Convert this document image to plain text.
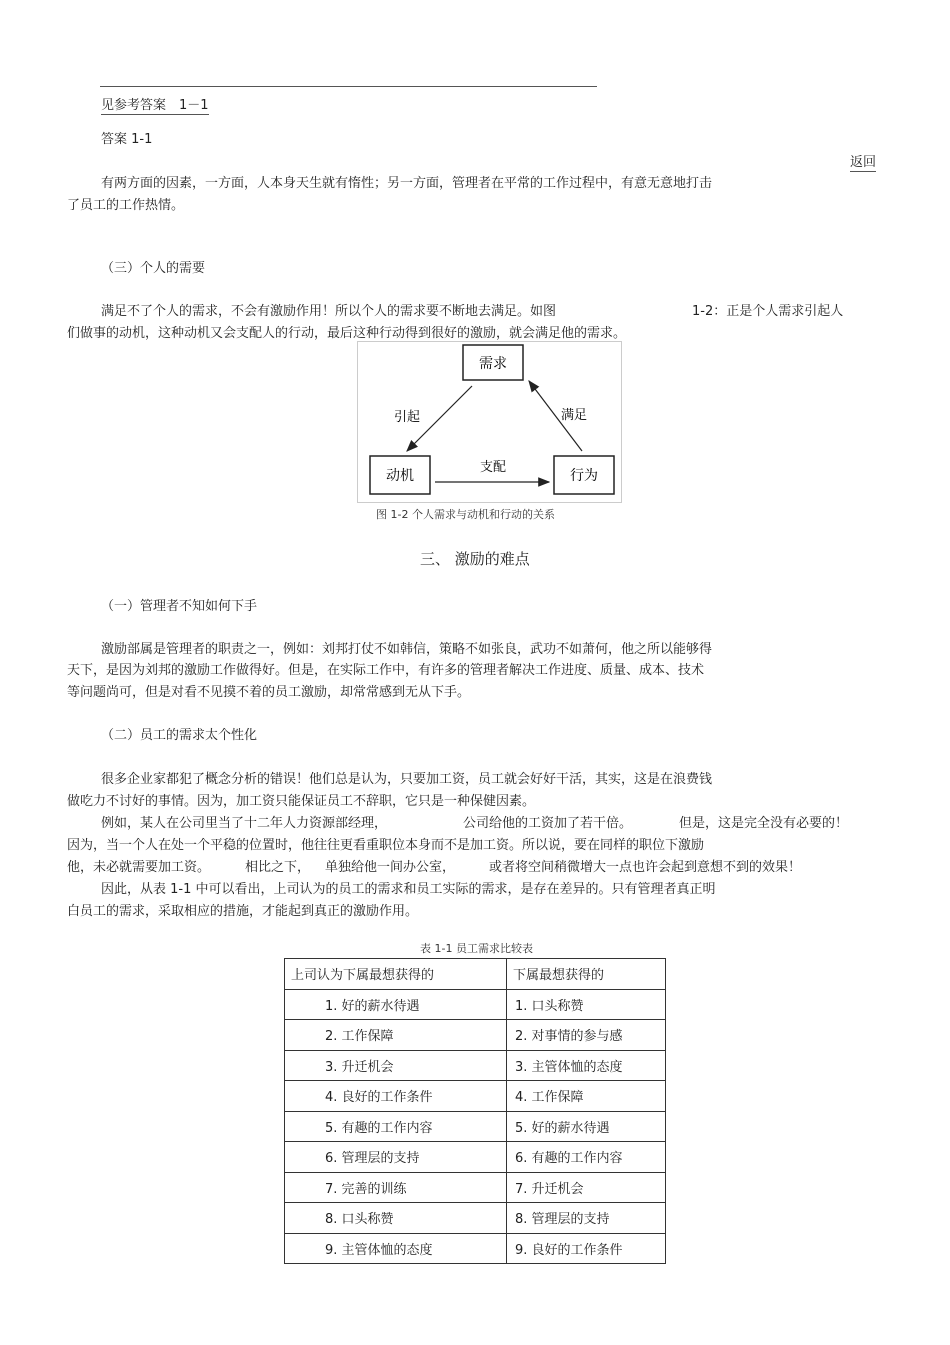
见参考答案　1－1
答案 1-1
返回
有两方面的因素，一方面，人本身天生就有惰性；另一方面，管理者在平常的工作过程中，有意无意地打击
了员工的工作热情。
（三）个人的需要
满足不了个人的需求，不会有激励作用！所以个人的需求要不断地去满足。如图	1-2：正是个人需求引起人
们做事的动机，这种动机又会支配人的行动，最后这种行动得到很好的激励，就会满足他的需求。
需求
动机	行为
引起	满足
支配
图 1-2 个人需求与动机和行动的关系
三、 激励的难点
（一）管理者不知如何下手
激励部属是管理者的职责之一，例如：刘邦打仗不如韩信，策略不如张良，武功不如萧何，他之所以能够得
天下，是因为刘邦的激励工作做得好。但是，在实际工作中，有许多的管理者解决工作进度、质量、成本、技术
等问题尚可，但是对看不见摸不着的员工激励，却常常感到无从下手。
（二）员工的需求太个性化
很多企业家都犯了概念分析的错误！他们总是认为，只要加工资，员工就会好好干活，其实，这是在浪费钱
做吃力不讨好的事情。因为，加工资只能保证员工不辞职，它只是一种保健因素。
例如，某人在公司里当了十二年人力资源部经理，	公司给他的工资加了若干倍。	但是，这是完全没有必要的！
因为，当一个人在处一个平稳的位置时，他往往更看重职位本身而不是加工资。所以说，要在同样的职位下激励
他，未必就需要加工资。	相比之下， 单独给他一间办公室，	或者将空间稍微增大一点也许会起到意想不到的效果！
因此，从表 1-1 中可以看出，上司认为的员工的需求和员工实际的需求，是存在差异的。只有管理者真正明
白员工的需求，采取相应的措施，才能起到真正的激励作用。
表 1-1 员工需求比较表
上司认为下属最想获得的	下属最想获得的
1. 好的薪水待遇	1. 口头称赞
2. 工作保障	2. 对事情的参与感
3. 升迁机会	3. 主管体恤的态度
4. 良好的工作条件	4. 工作保障
5. 有趣的工作内容	5. 好的薪水待遇
6. 管理层的支持	6. 有趣的工作内容
7. 完善的训练	7. 升迁机会
8. 口头称赞	8. 管理层的支持
9. 主管体恤的态度	9. 良好的工作条件
